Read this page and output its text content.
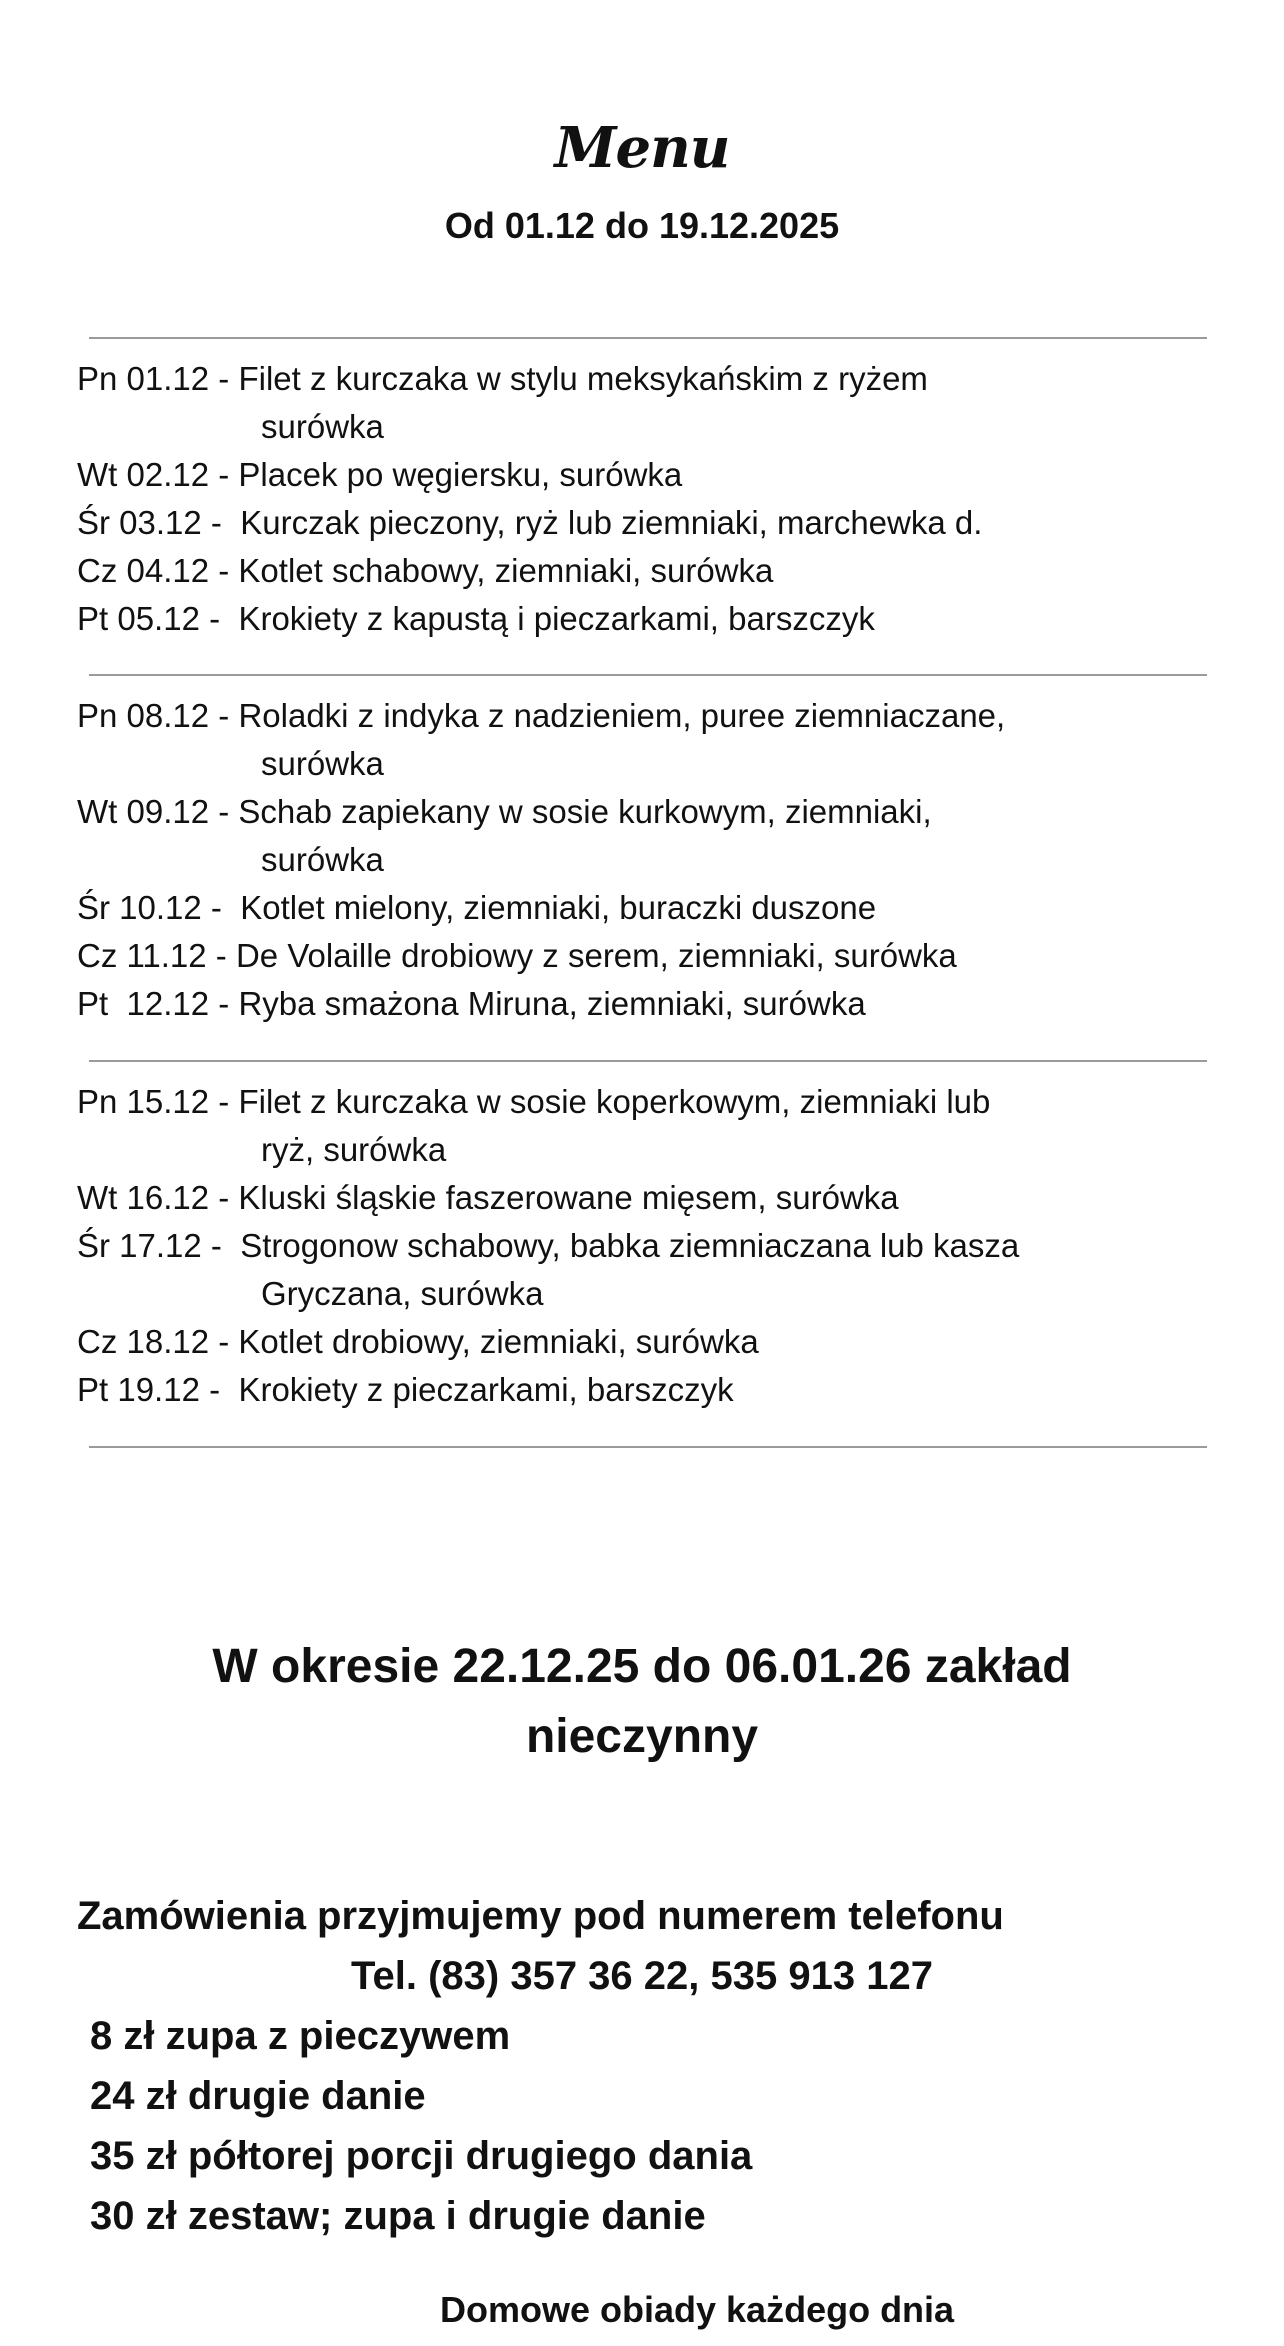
Menu
Od 01.12 do 19.12.2025
Pn 01.12 - Filet z kurczaka w stylu meksykańskim z ryżem
surówka
Wt 02.12 - Placek po węgiersku, surówka
Śr 03.12 - Kurczak pieczony, ryż lub ziemniaki, marchewka d.
Cz 04.12 - Kotlet schabowy, ziemniaki, surówka
Pt 05.12 - Krokiety z kapustą i pieczarkami, barszczyk
Pn 08.12 - Roladki z indyka z nadzieniem, puree ziemniaczane,
surówka
Wt 09.12 - Schab zapiekany w sosie kurkowym, ziemniaki,
surówka
Śr 10.12 - Kotlet mielony, ziemniaki, buraczki duszone
Cz 11.12 - De Volaille drobiowy z serem, ziemniaki, surówka
Pt  12.12 - Ryba smażona Miruna, ziemniaki, surówka
Pn 15.12 - Filet z kurczaka w sosie koperkowym, ziemniaki lub
ryż, surówka
Wt 16.12 - Kluski śląskie faszerowane mięsem, surówka
Śr 17.12 - Strogonow schabowy, babka ziemniaczana lub kasza
Gryczana, surówka
Cz 18.12 - Kotlet drobiowy, ziemniaki, surówka
Pt 19.12 - Krokiety z pieczarkami, barszczyk
W okresie 22.12.25 do 06.01.26 zakład
nieczynny
Zamówienia przyjmujemy pod numerem telefonu
Tel. (83) 357 36 22, 535 913 127
8 zł zupa z pieczywem
24 zł drugie danie
35 zł półtorej porcji drugiego dania
30 zł zestaw; zupa i drugie danie
Domowe obiady każdego dnia
